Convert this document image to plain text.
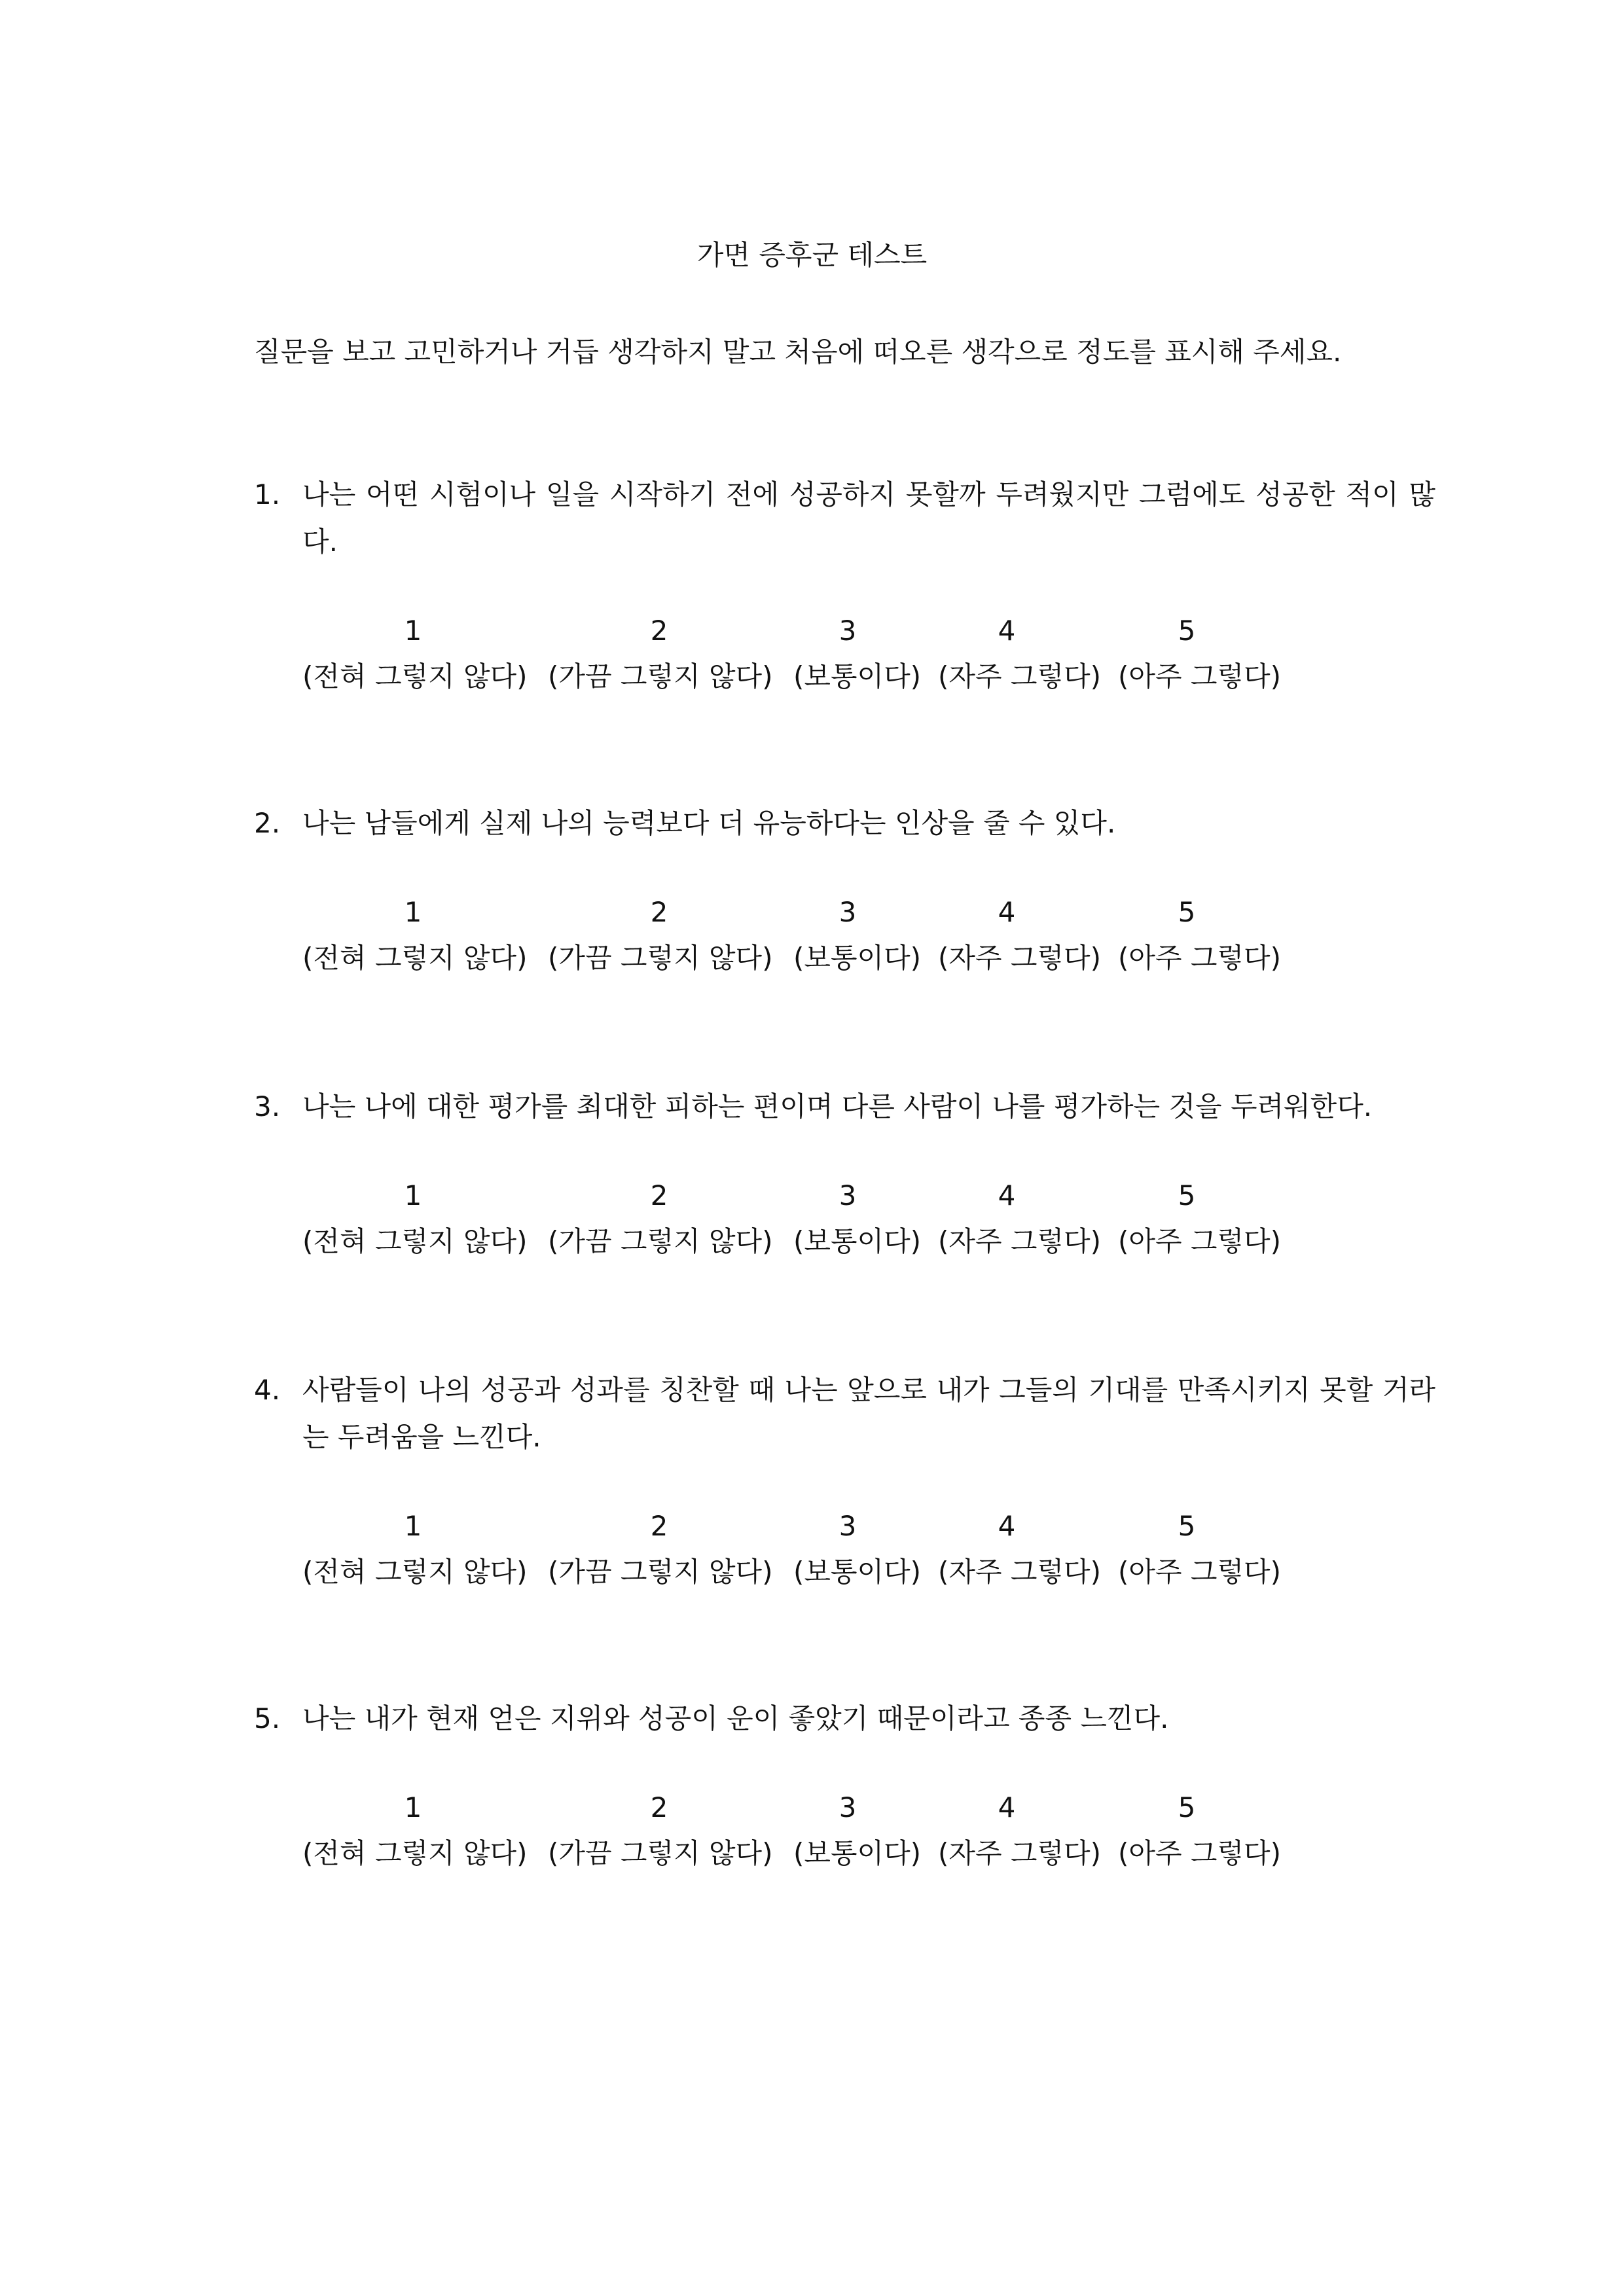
가면 증후군 테스트
질문을 보고 고민하거나 거듭 생각하지 말고 처음에 떠오른 생각으로 정도를 표시해 주세요.
1. 나는 어떤 시험이나 일을 시작하기 전에 성공하지 못할까 두려웠지만 그럼에도 성공한 적이 많다.
1	2	3	4	5
(전혀 그렇지 않다) (가끔 그렇지 않다) (보통이다) (자주 그렇다) (아주 그렇다)
2. 나는 남들에게 실제 나의 능력보다 더 유능하다는 인상을 줄 수 있다.
1	2	3	4	5
(전혀 그렇지 않다) (가끔 그렇지 않다) (보통이다) (자주 그렇다) (아주 그렇다)
3. 나는 나에 대한 평가를 최대한 피하는 편이며 다른 사람이 나를 평가하는 것을 두려워한다.
1	2	3	4	5
(전혀 그렇지 않다) (가끔 그렇지 않다) (보통이다) (자주 그렇다) (아주 그렇다)
4. 사람들이 나의 성공과 성과를 칭찬할 때 나는 앞으로 내가 그들의 기대를 만족시키지 못할 거라는 두려움을 느낀다.
1	2	3	4	5
(전혀 그렇지 않다) (가끔 그렇지 않다) (보통이다) (자주 그렇다) (아주 그렇다)
5. 나는 내가 현재 얻은 지위와 성공이 운이 좋았기 때문이라고 종종 느낀다.
1	2	3	4	5
(전혀 그렇지 않다) (가끔 그렇지 않다) (보통이다) (자주 그렇다) (아주 그렇다)
